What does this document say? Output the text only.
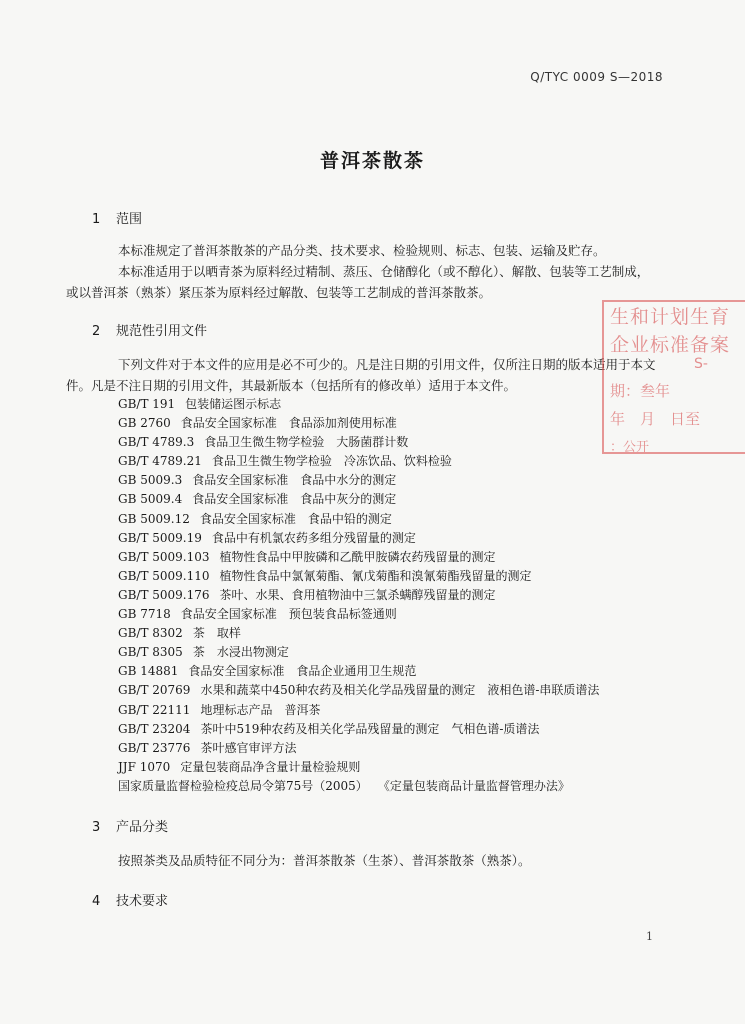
Q/TYC 0009 S—2018
普洱茶散茶
1 范围
本标准规定了普洱茶散茶的产品分类、技术要求、检验规则、标志、包装、运输及贮存。
本标准适用于以晒青茶为原料经过精制、蒸压、仓储醇化（或不醇化）、解散、包装等工艺制成，
或以普洱茶（熟茶）紧压茶为原料经过解散、包装等工艺制成的普洱茶散茶。
2 规范性引用文件
下列文件对于本文件的应用是必不可少的。凡是注日期的引用文件，仅所注日期的版本适用于本文
件。凡是不注日期的引用文件，其最新版本（包括所有的修改单）适用于本文件。
GB/T 191 包装储运图示标志
GB 2760 食品安全国家标准　食品添加剂使用标准
GB/T 4789.3 食品卫生微生物学检验　大肠菌群计数
GB/T 4789.21 食品卫生微生物学检验　冷冻饮品、饮料检验
GB 5009.3 食品安全国家标准　食品中水分的测定
GB 5009.4 食品安全国家标准　食品中灰分的测定
GB 5009.12 食品安全国家标准　食品中铅的测定
GB/T 5009.19 食品中有机氯农药多组分残留量的测定
GB/T 5009.103 植物性食品中甲胺磷和乙酰甲胺磷农药残留量的测定
GB/T 5009.110 植物性食品中氯氰菊酯、氰戊菊酯和溴氰菊酯残留量的测定
GB/T 5009.176 茶叶、水果、食用植物油中三氯杀螨醇残留量的测定
GB 7718 食品安全国家标准　预包装食品标签通则
GB/T 8302 茶　取样
GB/T 8305 茶　水浸出物测定
GB 14881 食品安全国家标准　食品企业通用卫生规范
GB/T 20769 水果和蔬菜中450种农药及相关化学品残留量的测定　液相色谱-串联质谱法
GB/T 22111 地理标志产品　普洱茶
GB/T 23204 茶叶中519种农药及相关化学品残留量的测定　气相色谱-质谱法
GB/T 23776 茶叶感官审评方法
JJF 1070 定量包装商品净含量计量检验规则
国家质量监督检验检疫总局令第75号（2005） 《定量包装商品计量监督管理办法》
3 产品分类
按照茶类及品质特征不同分为：普洱茶散茶（生茶）、普洱茶散茶（熟茶）。
4 技术要求
生和计划生育
企业标准备案
S-
期：叁年
年　月　日至
：公开
1
